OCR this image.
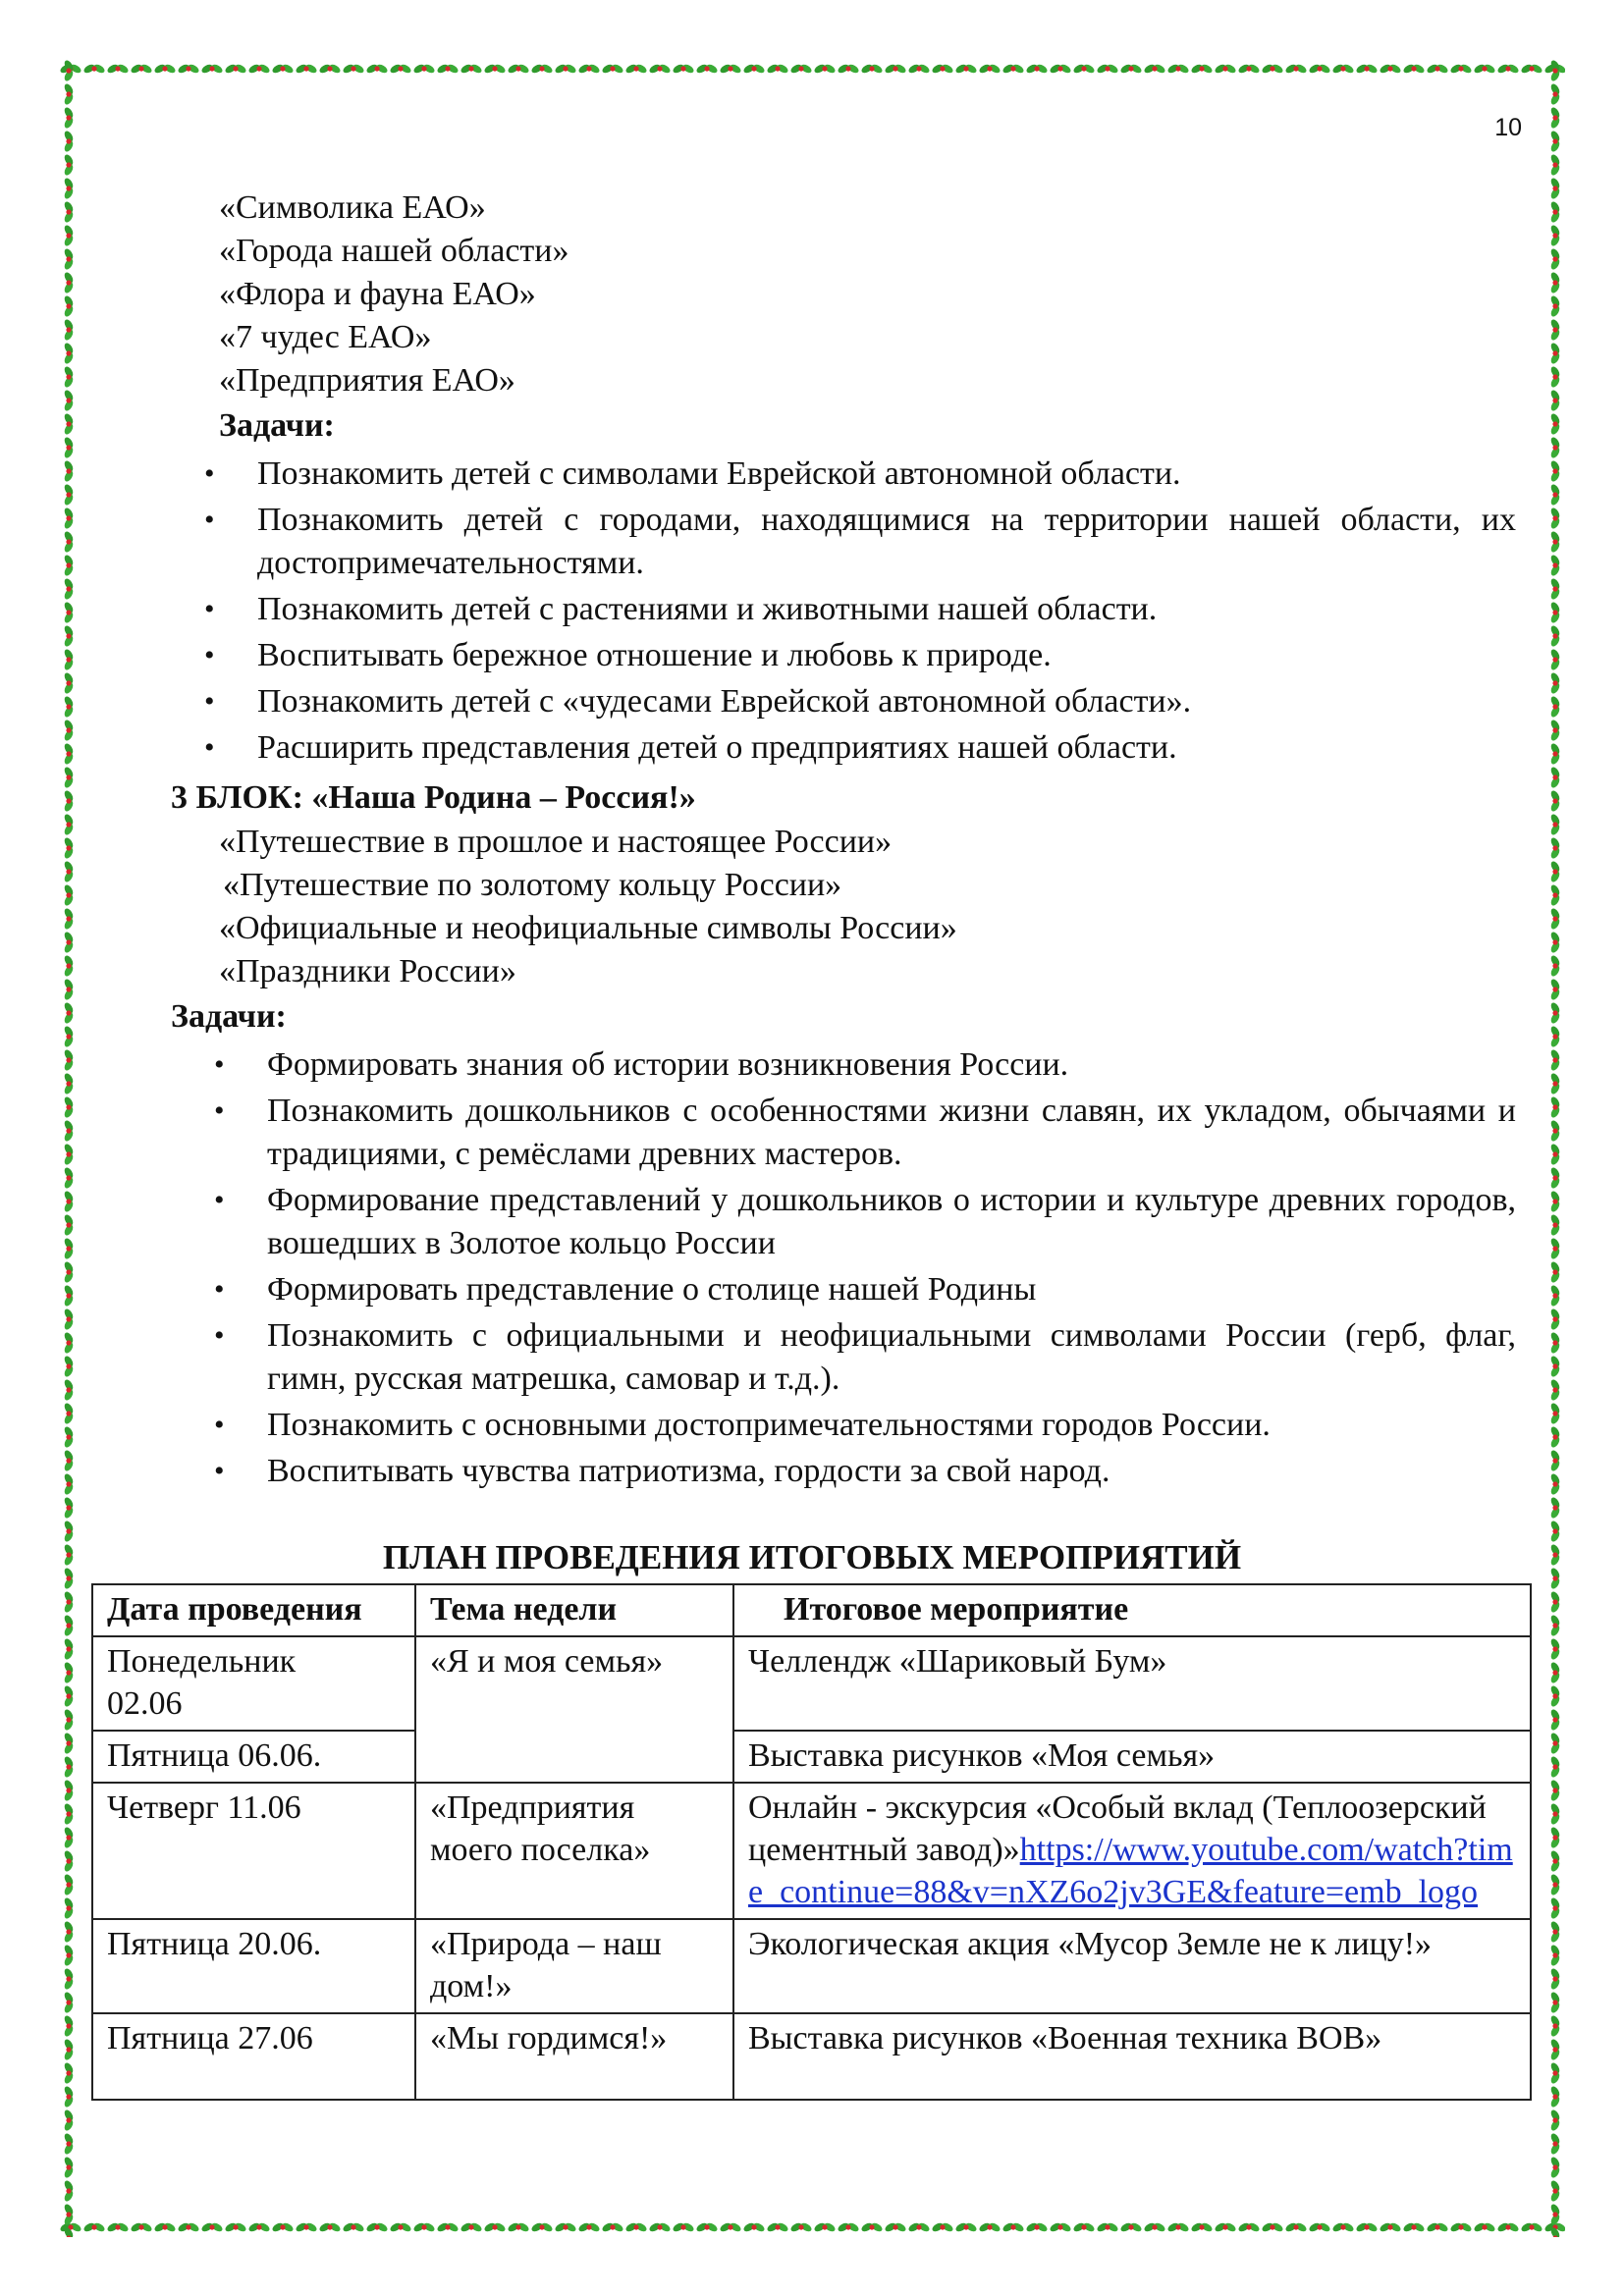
10
«Символика ЕАО»
«Города нашей области»
«Флора и фауна ЕАО»
«7 чудес ЕАО»
«Предприятия ЕАО»
Задачи:
• Познакомить детей с символами Еврейской автономной области.
• Познакомить детей с городами, находящимися на территории нашей области, их достопримечательностями.
• Познакомить детей с растениями и животными нашей области.
• Воспитывать бережное отношение и любовь к природе.
• Познакомить детей с «чудесами Еврейской автономной области».
• Расширить представления детей о предприятиях нашей области.
3 БЛОК: «Наша Родина – Россия!»
«Путешествие в прошлое и настоящее России»
«Путешествие по золотому кольцу России»
«Официальные и неофициальные символы России»
«Праздники России»
Задачи:
• Формировать знания об истории возникновения России.
• Познакомить дошкольников с особенностями жизни славян, их укладом, обычаями и традициями, с ремёслами древних мастеров.
• Формирование представлений у дошкольников о истории и культуре древних городов, вошедших в Золотое кольцо России
• Формировать представление о столице нашей Родины
• Познакомить с официальными и неофициальными символами России (герб, флаг, гимн, русская матрешка, самовар и т.д.).
• Познакомить с основными достопримечательностями городов России.
• Воспитывать чувства патриотизма, гордости за свой народ.
ПЛАН ПРОВЕДЕНИЯ ИТОГОВЫХ МЕРОПРИЯТИЙ
Дата проведения	Тема недели	Итоговое мероприятие
Понедельник 02.06	«Я и моя семья»	Челлендж «Шариковый Бум»
Пятница 06.06.		Выставка рисунков «Моя семья»
Четверг 11.06	«Предприятия моего поселка»	Онлайн - экскурсия «Особый вклад (Теплоозерский цементный завод)»https://www.youtube.com/watch?time_continue=88&v=nXZ6o2jv3GE&feature=emb_logo
Пятница 20.06.	«Природа – наш дом!»	Экологическая акция «Мусор Земле не к лицу!»
Пятница 27.06	«Мы гордимся!»	Выставка рисунков «Военная техника ВОВ»
